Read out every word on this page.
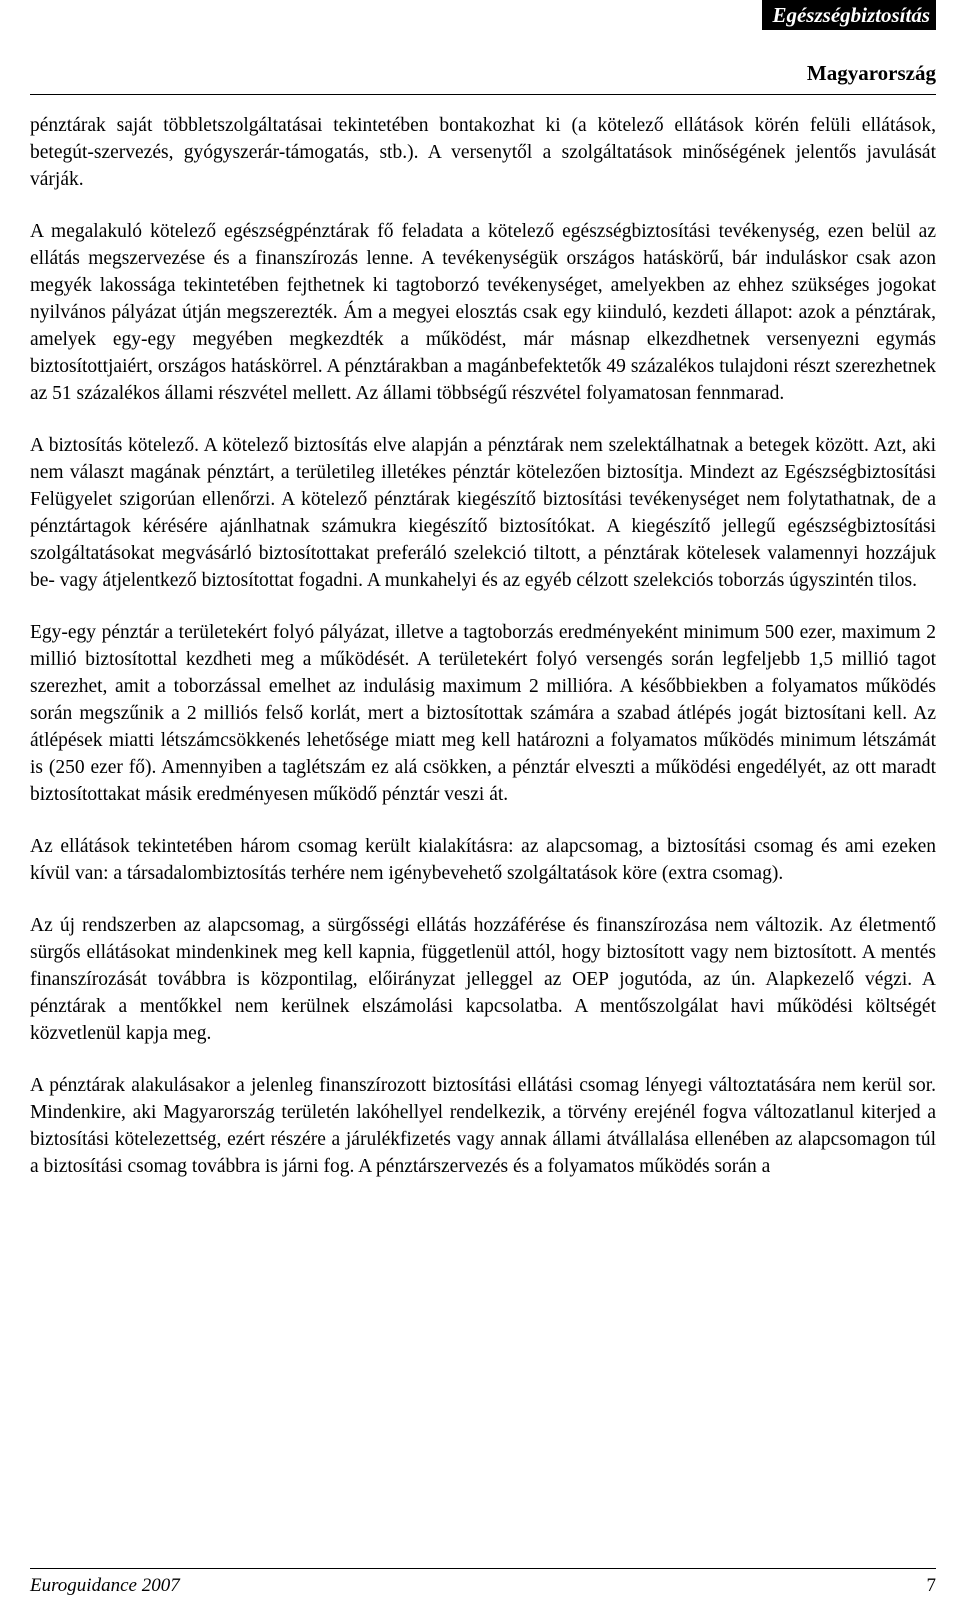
Egészségbiztosítás
Magyarország

pénztárak saját többletszolgáltatásai tekintetében bontakozhat ki (a kötelező ellátások körén felüli ellátások, betegút-szervezés, gyógyszerár-támogatás, stb.). A versenytől a szolgáltatások minőségének jelentős javulását várják.

A megalakuló kötelező egészségpénztárak fő feladata a kötelező egészségbiztosítási tevékenység, ezen belül az ellátás megszervezése és a finanszírozás lenne. A tevékenységük országos hatáskörű, bár induláskor csak azon megyék lakossága tekintetében fejthetnek ki tagtoborzó tevékenységet, amelyekben az ehhez szükséges jogokat nyilvános pályázat útján megszerezték. Ám a megyei elosztás csak egy kiinduló, kezdeti állapot: azok a pénztárak, amelyek egy-egy megyében megkezdték a működést, már másnap elkezdhetnek versenyezni egymás biztosítottjaiért, országos hatáskörrel. A pénztárakban a magánbefektetők 49 százalékos tulajdoni részt szerezhetnek az 51 százalékos állami részvétel mellett. Az állami többségű részvétel folyamatosan fennmarad.

A biztosítás kötelező. A kötelező biztosítás elve alapján a pénztárak nem szelektálhatnak a betegek között. Azt, aki nem választ magának pénztárt, a területileg illetékes pénztár kötelezően biztosítja. Mindezt az Egészségbiztosítási Felügyelet szigorúan ellenőrzi. A kötelező pénztárak kiegészítő biztosítási tevékenységet nem folytathatnak, de a pénztártagok kérésére ajánlhatnak számukra kiegészítő biztosítókat. A kiegészítő jellegű egészségbiztosítási szolgáltatásokat megvásárló biztosítottakat preferáló szelekció tiltott, a pénztárak kötelesek valamennyi hozzájuk be- vagy átjelentkező biztosítottat fogadni. A munkahelyi és az egyéb célzott szelekciós toborzás úgyszintén tilos.

Egy-egy pénztár a területekért folyó pályázat, illetve a tagtoborzás eredményeként minimum 500 ezer, maximum 2 millió biztosítottal kezdheti meg a működését. A területekért folyó versengés során legfeljebb 1,5 millió tagot szerezhet, amit a toborzással emelhet az indulásig maximum 2 millióra. A későbbiekben a folyamatos működés során megszűnik a 2 milliós felső korlát, mert a biztosítottak számára a szabad átlépés jogát biztosítani kell. Az átlépések miatti létszámcsökkenés lehetősége miatt meg kell határozni a folyamatos működés minimum létszámát is (250 ezer fő). Amennyiben a taglétszám ez alá csökken, a pénztár elveszti a működési engedélyét, az ott maradt biztosítottakat másik eredményesen működő pénztár veszi át.

Az ellátások tekintetében három csomag került kialakításra: az alapcsomag, a biztosítási csomag és ami ezeken kívül van: a társadalombiztosítás terhére nem igénybevehető szolgáltatások köre (extra csomag).

Az új rendszerben az alapcsomag, a sürgősségi ellátás hozzáférése és finanszírozása nem változik. Az életmentő sürgős ellátásokat mindenkinek meg kell kapnia, függetlenül attól, hogy biztosított vagy nem biztosított. A mentés finanszírozását továbbra is központilag, előirányzat jelleggel az OEP jogutóda, az ún. Alapkezelő végzi. A pénztárak a mentőkkel nem kerülnek elszámolási kapcsolatba. A mentőszolgálat havi működési költségét közvetlenül kapja meg.

A pénztárak alakulásakor a jelenleg finanszírozott biztosítási ellátási csomag lényegi változtatására nem kerül sor. Mindenkire, aki Magyarország területén lakóhellyel rendelkezik, a törvény erejénél fogva változatlanul kiterjed a biztosítási kötelezettség, ezért részére a járulékfizetés vagy annak állami átvállalása ellenében az alapcsomagon túl a biztosítási csomag továbbra is járni fog. A pénztárszervezés és a folyamatos működés során a

Euroguidance 2007	7
